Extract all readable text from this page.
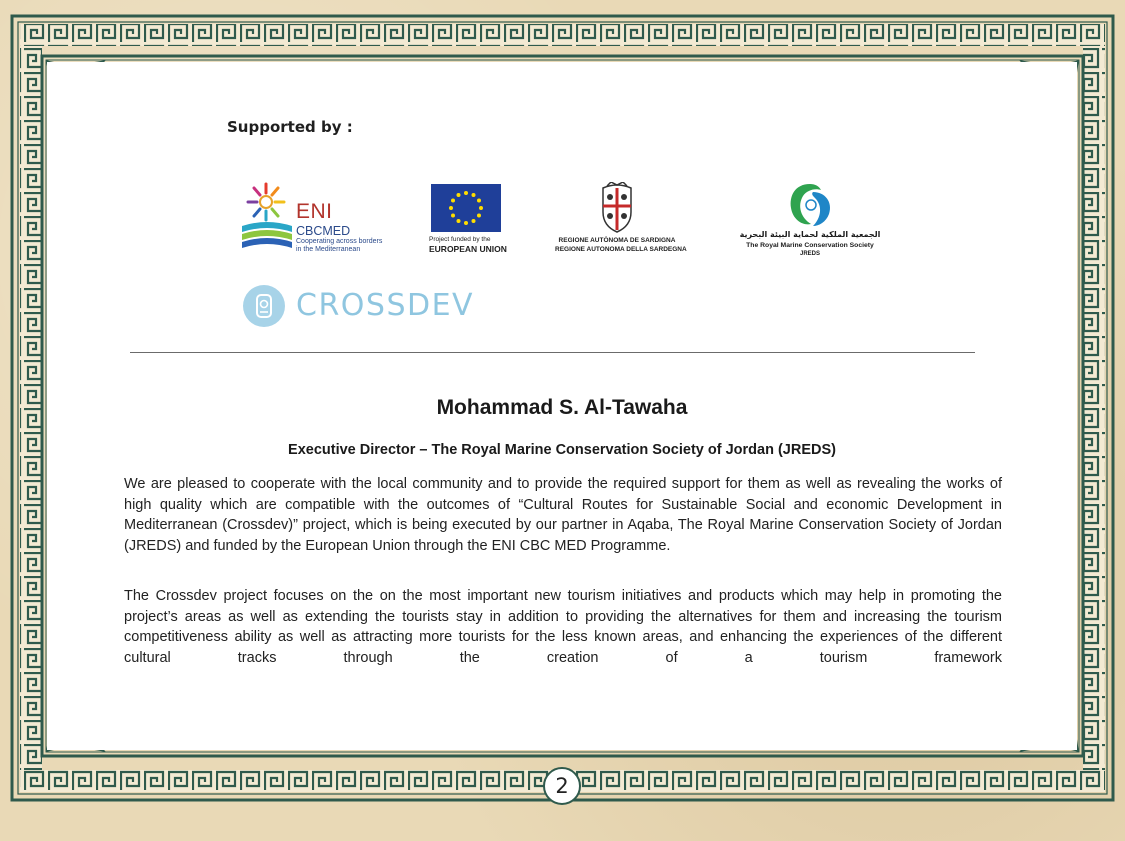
Supported by :
ENI
CBCMED
Cooperating across borders in the Mediterranean
Project funded by the
EUROPEAN UNION
REGIONE AUTÒNOMA DE SARDIGNA
REGIONE AUTONOMA DELLA SARDEGNA
الجمعية الملكية لحماية البيئة البحرية
The Royal Marine Conservation Society
JREDS
CROSSDEV
Mohammad S. Al-Tawaha
Executive Director – The Royal Marine Conservation Society of Jordan (JREDS)

We are pleased to cooperate with the local community and to provide the required support for them as well as revealing the works of high quality which are compatible with the outcomes of “Cultural Routes for Sustainable Social and economic Development in Mediterranean (Crossdev)” project, which is being executed by our partner in Aqaba, The Royal Marine Conservation Society of Jordan (JREDS) and funded by the European Union through the ENI CBC MED Programme.

The Crossdev project focuses on the on the most important new tourism initiatives and products which may help in promoting the project’s areas as well as extending the tourists stay in addition to providing the alternatives for them and increasing the tourism competitiveness ability as well as attracting more tourists for the less known areas, and enhancing the experiences of the different cultural tracks through the creation of a tourism framework

2
